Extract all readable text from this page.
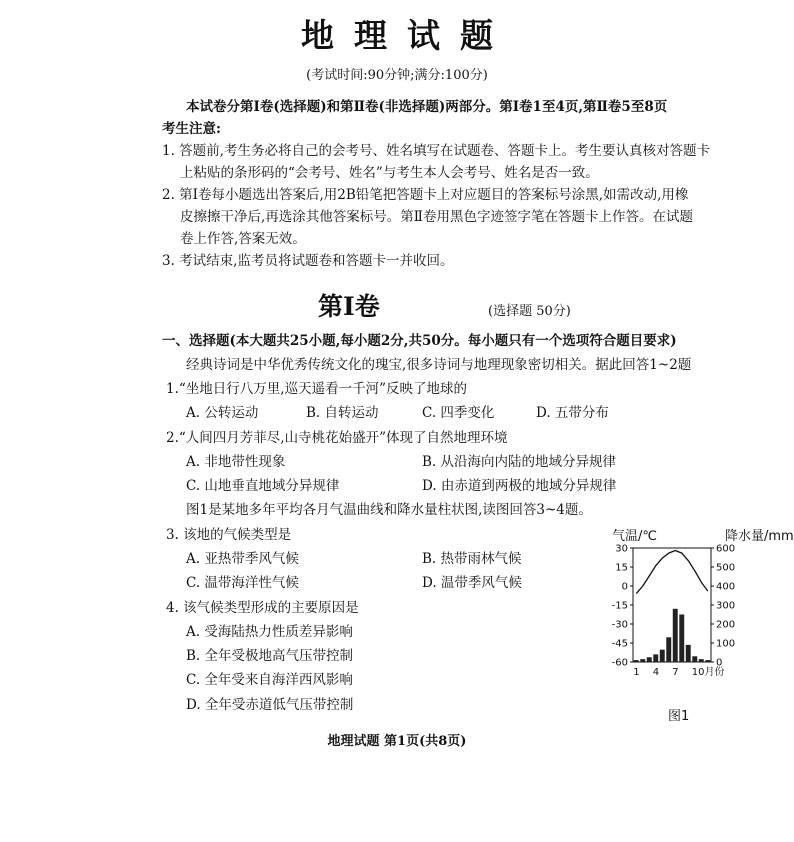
地理试题
(考试时间:90分钟;满分:100分)
本试卷分第Ⅰ卷(选择题)和第Ⅱ卷(非选择题)两部分。第Ⅰ卷1至4页,第Ⅱ卷5至8页
考生注意:
1. 答题前,考生务必将自己的会考号、姓名填写在试题卷、答题卡上。考生要认真核对答题卡
上粘贴的条形码的“会考号、姓名”与考生本人会考号、姓名是否一致。
2. 第Ⅰ卷每小题选出答案后,用2B铅笔把答题卡上对应题目的答案标号涂黑,如需改动,用橡
皮擦擦干净后,再选涂其他答案标号。第Ⅱ卷用黑色字迹签字笔在答题卡上作答。在试题
卷上作答,答案无效。
3. 考试结束,监考员将试题卷和答题卡一并收回。
第Ⅰ卷	(选择题 50分)
一、选择题(本大题共25小题,每小题2分,共50分。每小题只有一个选项符合题目要求)
经典诗词是中华优秀传统文化的瑰宝,很多诗词与地理现象密切相关。据此回答1~2题
1.“坐地日行八万里,巡天遥看一千河”反映了地球的
A. 公转运动	B. 自转运动	C. 四季变化	D. 五带分布
2.“人间四月芳菲尽,山寺桃花始盛开”体现了自然地理环境
A. 非地带性现象	B. 从沿海向内陆的地域分异规律
C. 山地垂直地域分异规律	D. 由赤道到两极的地域分异规律
图1是某地多年平均各月气温曲线和降水量柱状图,读图回答3~4题。
3. 该地的气候类型是
A. 亚热带季风气候	B. 热带雨林气候
C. 温带海洋性气候	D. 温带季风气候
4. 该气候类型形成的主要原因是
A. 受海陆热力性质差异影响
B. 全年受极地高气压带控制
C. 全年受来自海洋西风影响
D. 全年受赤道低气压带控制
气温/℃	降水量/mm
30
15
0
-15
-30
-45
-60
600
500
400
300
200
100
0
1 4 7 10月份
图1
地理试题 第1页(共8页)
